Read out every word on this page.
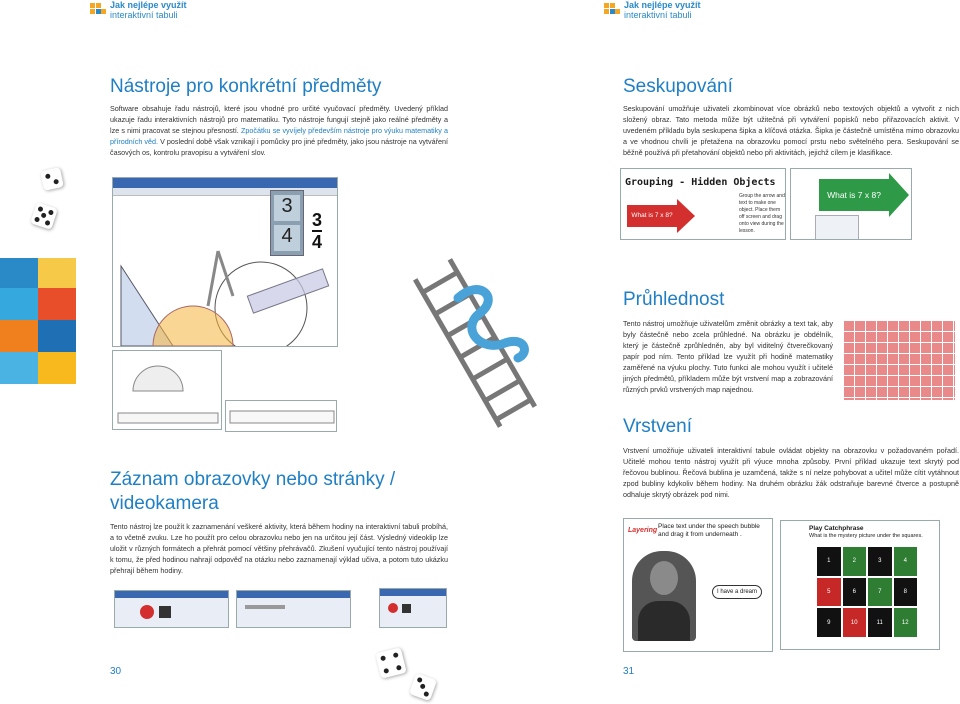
Jak nejlépe využít
interaktivní tabuli
Nástroje pro konkrétní předměty

Software obsahuje řadu nástrojů, které jsou vhodné pro určité vyučovací předměty. Uvedený příklad ukazuje řadu interaktivních nástrojů pro matematiku. Tyto nástroje fungují stejně jako reálné předměty a lze s nimi pracovat se stejnou přesností. Zpočátku se vyvíjely především nástroje pro výuku matematiky a přírodních věd. V poslední době však vznikají i pomůcky pro jiné předměty, jako jsou nástroje na vytváření časových os, kontrolu pravopisu a vytváření slov.

3
4
3
4
Záznam obrazovky nebo stránky / videokamera

Tento nástroj lze použít k zaznamenání veškeré aktivity, která během hodiny na interaktivní tabuli probíhá, a to včetně zvuku. Lze ho použít pro celou obrazovku nebo jen na určitou její část. Výsledný videoklip lze uložit v různých formátech a přehrát pomocí většiny přehrávačů. Zkušení vyučující tento nástroj používají k tomu, že před hodinou nahrají odpověď na otázku nebo zaznamenají výklad učiva, a potom tuto ukázku přehrají během hodiny.

30
Jak nejlépe využít
interaktivní tabuli
Seskupování

Seskupování umožňuje uživateli zkombinovat více obrázků nebo textových objektů a vytvořit z nich složený obraz. Tato metoda může být užitečná při vytváření popisků nebo přiřazovacích aktivit. V uvedeném příkladu byla seskupena šipka a klíčová otázka. Šipka je částečně umístěna mimo obrazovku a ve vhodnou chvíli je přetažena na obrazovku pomocí prstu nebo světelného pera. Seskupování se běžně používá při přetahování objektů nebo při aktivitách, jejichž cílem je klasifikace.

Grouping - Hidden Objects
What is 7 x 8?
Group the arrow and text to make one object. Place them off screen and drag onto view during the lesson.
What is 7 x 8?
Průhlednost

Tento nástroj umožňuje uživatelům změnit obrázky a text tak, aby byly částečně nebo zcela průhledné. Na obrázku je obdélník, který je částečně zprůhledněn, aby byl viditelný čtverečkovaný papír pod ním. Tento příklad lze využít při hodině matematiky zaměřené na výuku plochy. Tuto funkci ale mohou využít i učitelé jiných předmětů, příkladem může být vrstvení map a zobrazování různých prvků vrstvených map najednou.

Vrstvení

Vrstvení umožňuje uživateli interaktivní tabule ovládat objekty na obrazovku v požadovaném pořadí. Učitelé mohou tento nástroj využít při výuce mnoha způsoby. První příklad ukazuje text skrytý pod řečovou bublinou. Řečová bublina je uzamčená, takže s ní nelze pohybovat a učitel může cítit vytáhnout zpod bubliny kdykoliv během hodiny. Na druhém obrázku žák odstraňuje barevné čtverce a postupně odhaluje skrytý obrázek pod nimi.

Layering
Place text under the speech bubble and drag it from underneath .
I have a dream
Play Catchphrase
What is the mystery picture under the squares.
1	2	3	4
5	6	7	8
9	10	11	12
31
